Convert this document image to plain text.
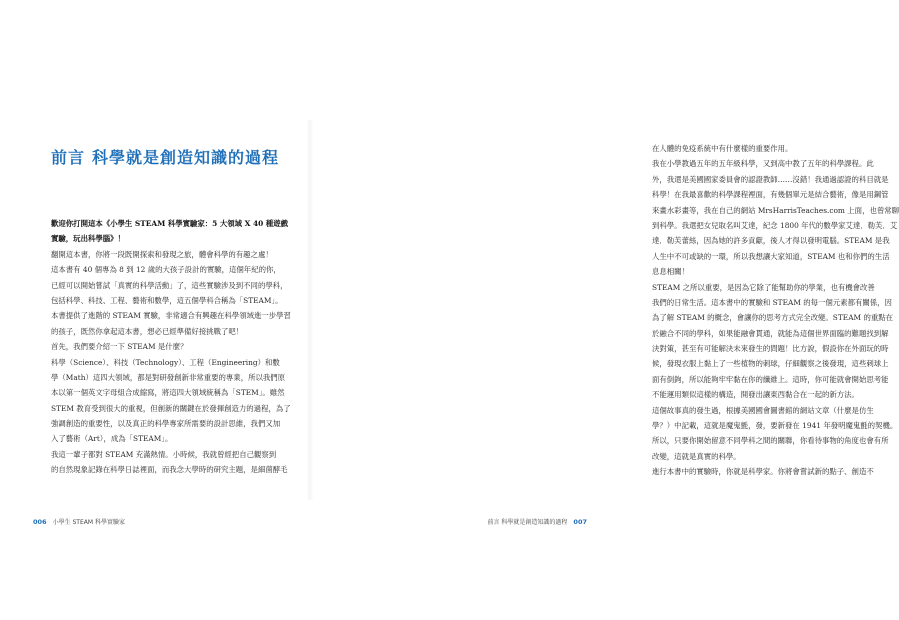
前言 科學就是創造知識的過程
歡迎你打開這本《小學生 STEAM 科學實驗家：5 大領域 X 40 種遊戲
實驗，玩出科學腦》！
翻開這本書，你將一段既開探索和發現之旅，體會科學的有趣之處！
這本書有 40 個專為 8 到 12 歲的大孩子設計的實驗，這個年紀的你，
已經可以開始嘗試「真實的科學活動」了，這些實驗涉及到不同的學科，
包括科學、科技、工程、藝術和數學，這五個學科合稱為「STEAM」。
本書提供了進階的 STEAM 實驗，非常適合有興趣在科學領域進一步學習
的孩子，既然你拿起這本書，想必已經準備好接挑戰了吧！
首先，我們要介紹一下 STEAM 是什麼？
科學（Science）、科技（Technology）、工程（Engineering）和數
學（Math）這四大領域，都是對研發創新非常重要的專業，所以我們原
本以第一個英文字母組合成縮寫，將這四大領域統稱為「STEM」。雖然
STEM 教育受到很大的重視，但創新的關鍵在於發揮創造力的過程，為了
強調創造的重要性，以及真正的科學專家所需要的設計思維，我們又加
入了藝術（Art），成為「STEAM」。
我這一輩子都對 STEAM 充滿熱情。小時候，我就曾經把自己觀察到
的自然現象記錄在科學日誌裡面，而我念大學時的研究主題，是細菌酵毛
006 小學生 STEAM 科學實驗家
在人體的免疫系統中有什麼樣的重要作用。
我在小學教過五年的五年級科學，又到高中教了五年的科學課程。此
外，我還是美國國家委員會的認證教師……沒錯！我通過認證的科目就是
科學！在我最喜歡的科學課程裡面，有幾個單元是結合藝術，像是用鋼管
來畫水彩畫等，我在自己的網站 MrsHarrisTeaches.com 上面，也曾常聊
到科學。我還把女兒取名叫艾達，紀念 1800 年代的數學家艾達．勒芙．艾
達．勒芙蕾絲，因為她的許多貢獻，後人才得以發明電腦。STEAM 是我
人生中不可或缺的一環，所以我想讓大家知道，STEAM 也和你們的生活
息息相關！
STEAM 之所以重要，是因為它除了能幫助你的學業，也有機會改善
我們的日常生活。這本書中的實驗和 STEAM 的每一個元素都有關係，因
為了解 STEAM 的概念，會讓你的思考方式完全改變。STEAM 的重點在
於融合不同的學科，如果能融會貫通，就能為這個世界面臨的難題找到解
決對策，甚至有可能解決未來發生的問題！比方說，假設你在外面玩的時
候，發現衣服上黏上了一些植物的刺球，仔細觀察之後發現，這些刺球上
面有倒鉤，所以能夠牢牢黏在你的纖維上。這時，你可能就會開始思考能
不能運用類似這樣的構造，開發出讓東西黏合在一起的新方法。
這個故事真的發生過，根據美國國會圖書館的網站文章（什麼是仿生
學？）中記載，這就是魔鬼氈，發，要新發在 1941 年發明魔鬼氈的契機。
所以，只要你開始留意不同學科之間的關聯，你看待事物的角度也會有所
改變，這就是真實的科學。
進行本書中的實驗時，你就是科學家。你將會嘗試新的點子、創造不
前言 科學就是創造知識的過程 007
